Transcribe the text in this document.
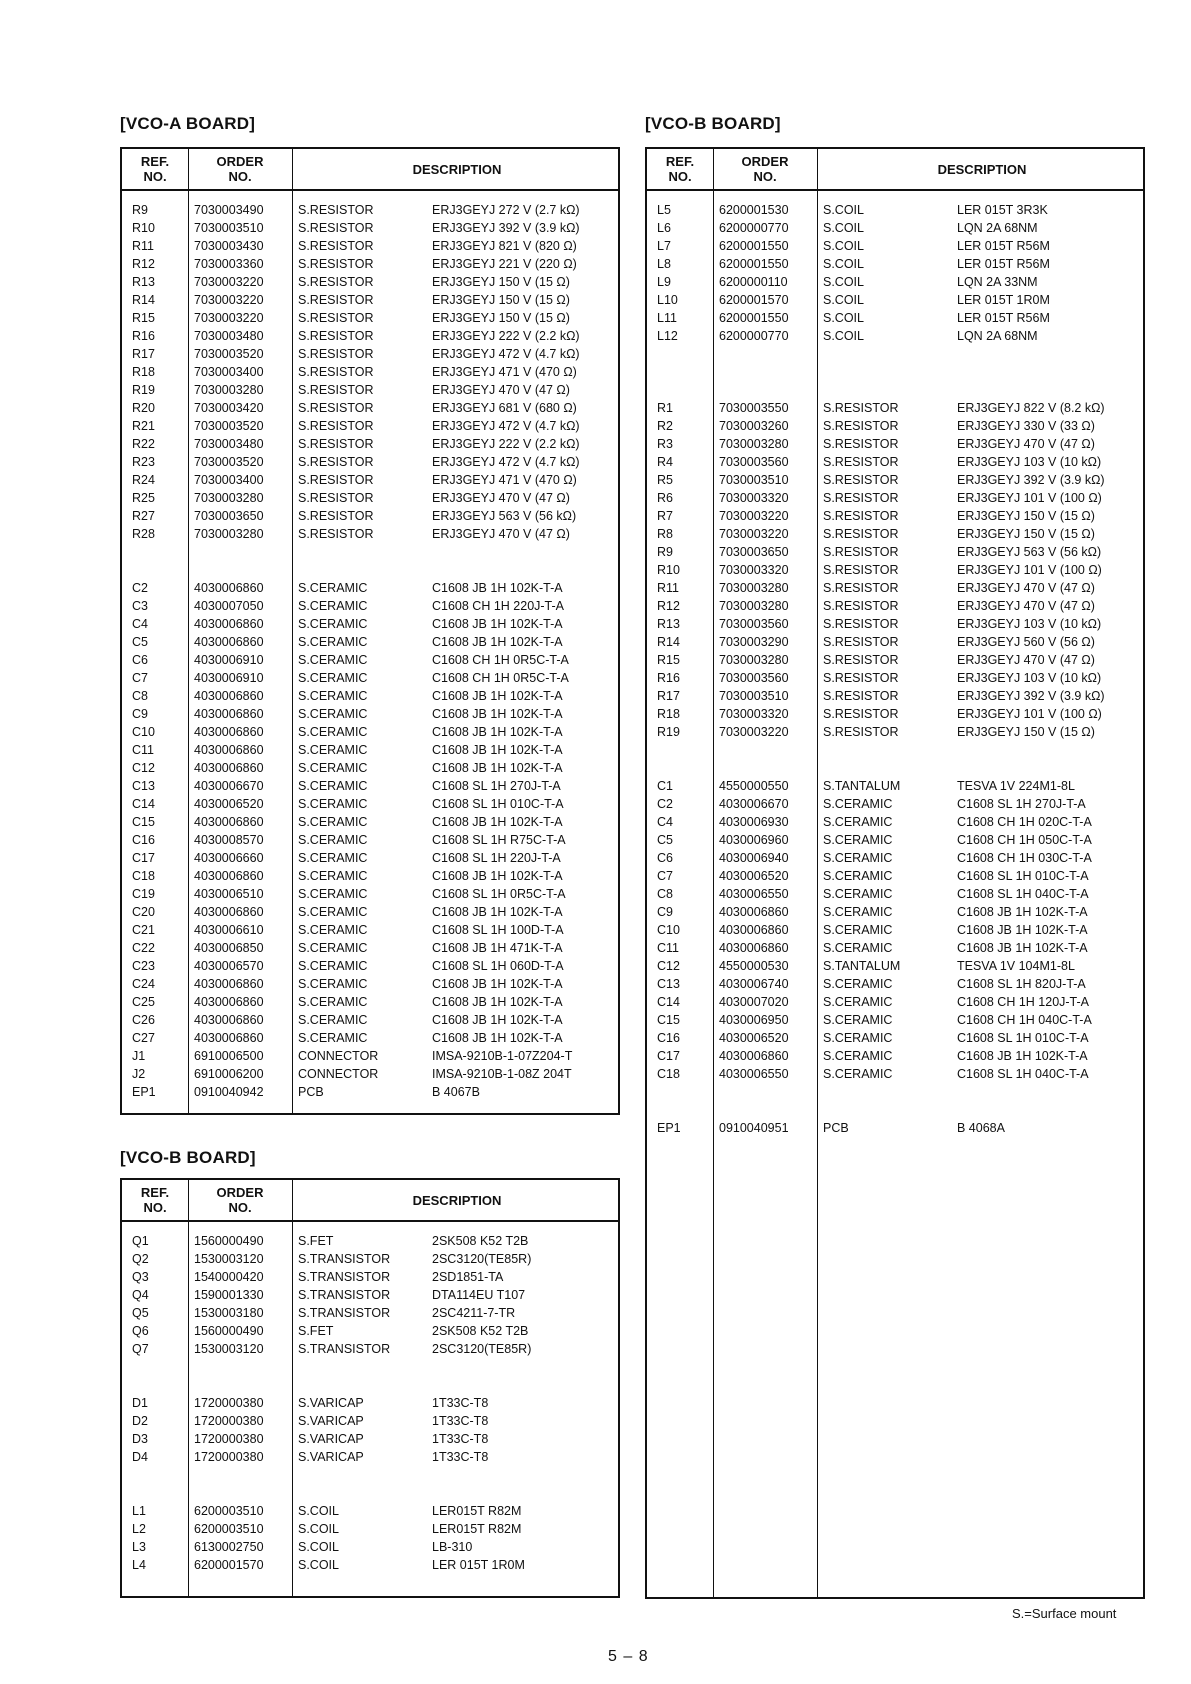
[VCO-A BOARD]
REF.
NO.
ORDER
NO.	DESCRIPTION
R9	7030003490	S.RESISTOR	ERJ3GEYJ 272 V (2.7 kΩ)
R10	7030003510	S.RESISTOR	ERJ3GEYJ 392 V (3.9 kΩ)
R11	7030003430	S.RESISTOR	ERJ3GEYJ 821 V (820 Ω)
R12	7030003360	S.RESISTOR	ERJ3GEYJ 221 V (220 Ω)
R13	7030003220	S.RESISTOR	ERJ3GEYJ 150 V (15 Ω)
R14	7030003220	S.RESISTOR	ERJ3GEYJ 150 V (15 Ω)
R15	7030003220	S.RESISTOR	ERJ3GEYJ 150 V (15 Ω)
R16	7030003480	S.RESISTOR	ERJ3GEYJ 222 V (2.2 kΩ)
R17	7030003520	S.RESISTOR	ERJ3GEYJ 472 V (4.7 kΩ)
R18	7030003400	S.RESISTOR	ERJ3GEYJ 471 V (470 Ω)
R19	7030003280	S.RESISTOR	ERJ3GEYJ 470 V (47 Ω)
R20	7030003420	S.RESISTOR	ERJ3GEYJ 681 V (680 Ω)
R21	7030003520	S.RESISTOR	ERJ3GEYJ 472 V (4.7 kΩ)
R22	7030003480	S.RESISTOR	ERJ3GEYJ 222 V (2.2 kΩ)
R23	7030003520	S.RESISTOR	ERJ3GEYJ 472 V (4.7 kΩ)
R24	7030003400	S.RESISTOR	ERJ3GEYJ 471 V (470 Ω)
R25	7030003280	S.RESISTOR	ERJ3GEYJ 470 V (47 Ω)
R27	7030003650	S.RESISTOR	ERJ3GEYJ 563 V (56 kΩ)
R28	7030003280	S.RESISTOR	ERJ3GEYJ 470 V (47 Ω)
C2	4030006860	S.CERAMIC	C1608 JB 1H 102K-T-A
C3	4030007050	S.CERAMIC	C1608 CH 1H 220J-T-A
C4	4030006860	S.CERAMIC	C1608 JB 1H 102K-T-A
C5	4030006860	S.CERAMIC	C1608 JB 1H 102K-T-A
C6	4030006910	S.CERAMIC	C1608 CH 1H 0R5C-T-A
C7	4030006910	S.CERAMIC	C1608 CH 1H 0R5C-T-A
C8	4030006860	S.CERAMIC	C1608 JB 1H 102K-T-A
C9	4030006860	S.CERAMIC	C1608 JB 1H 102K-T-A
C10	4030006860	S.CERAMIC	C1608 JB 1H 102K-T-A
C11	4030006860	S.CERAMIC	C1608 JB 1H 102K-T-A
C12	4030006860	S.CERAMIC	C1608 JB 1H 102K-T-A
C13	4030006670	S.CERAMIC	C1608 SL 1H 270J-T-A
C14	4030006520	S.CERAMIC	C1608 SL 1H 010C-T-A
C15	4030006860	S.CERAMIC	C1608 JB 1H 102K-T-A
C16	4030008570	S.CERAMIC	C1608 SL 1H R75C-T-A
C17	4030006660	S.CERAMIC	C1608 SL 1H 220J-T-A
C18	4030006860	S.CERAMIC	C1608 JB 1H 102K-T-A
C19	4030006510	S.CERAMIC	C1608 SL 1H 0R5C-T-A
C20	4030006860	S.CERAMIC	C1608 JB 1H 102K-T-A
C21	4030006610	S.CERAMIC	C1608 SL 1H 100D-T-A
C22	4030006850	S.CERAMIC	C1608 JB 1H 471K-T-A
C23	4030006570	S.CERAMIC	C1608 SL 1H 060D-T-A
C24	4030006860	S.CERAMIC	C1608 JB 1H 102K-T-A
C25	4030006860	S.CERAMIC	C1608 JB 1H 102K-T-A
C26	4030006860	S.CERAMIC	C1608 JB 1H 102K-T-A
C27	4030006860	S.CERAMIC	C1608 JB 1H 102K-T-A
J1	6910006500	CONNECTOR	IMSA-9210B-1-07Z204-T
J2	6910006200	CONNECTOR	IMSA-9210B-1-08Z 204T
EP1	0910040942	PCB	B 4067B
[VCO-B BOARD]
REF.
NO.
ORDER
NO.	DESCRIPTION
Q1	1560000490	S.FET	2SK508 K52 T2B
Q2	1530003120	S.TRANSISTOR	2SC3120(TE85R)
Q3	1540000420	S.TRANSISTOR	2SD1851-TA
Q4	1590001330	S.TRANSISTOR	DTA114EU T107
Q5	1530003180	S.TRANSISTOR	2SC4211-7-TR
Q6	1560000490	S.FET	2SK508 K52 T2B
Q7	1530003120	S.TRANSISTOR	2SC3120(TE85R)
D1	1720000380	S.VARICAP	1T33C-T8
D2	1720000380	S.VARICAP	1T33C-T8
D3	1720000380	S.VARICAP	1T33C-T8
D4	1720000380	S.VARICAP	1T33C-T8
L1	6200003510	S.COIL	LER015T R82M
L2	6200003510	S.COIL	LER015T R82M
L3	6130002750	S.COIL	LB-310
L4	6200001570	S.COIL	LER 015T 1R0M
[VCO-B BOARD]
REF.
NO.
ORDER
NO.	DESCRIPTION
L5	6200001530	S.COIL	LER 015T 3R3K
L6	6200000770	S.COIL	LQN 2A 68NM
L7	6200001550	S.COIL	LER 015T R56M
L8	6200001550	S.COIL	LER 015T R56M
L9	6200000110	S.COIL	LQN 2A 33NM
L10	6200001570	S.COIL	LER 015T 1R0M
L11	6200001550	S.COIL	LER 015T R56M
L12	6200000770	S.COIL	LQN 2A 68NM
R1	7030003550	S.RESISTOR	ERJ3GEYJ 822 V (8.2 kΩ)
R2	7030003260	S.RESISTOR	ERJ3GEYJ 330 V (33 Ω)
R3	7030003280	S.RESISTOR	ERJ3GEYJ 470 V (47 Ω)
R4	7030003560	S.RESISTOR	ERJ3GEYJ 103 V (10 kΩ)
R5	7030003510	S.RESISTOR	ERJ3GEYJ 392 V (3.9 kΩ)
R6	7030003320	S.RESISTOR	ERJ3GEYJ 101 V (100 Ω)
R7	7030003220	S.RESISTOR	ERJ3GEYJ 150 V (15 Ω)
R8	7030003220	S.RESISTOR	ERJ3GEYJ 150 V (15 Ω)
R9	7030003650	S.RESISTOR	ERJ3GEYJ 563 V (56 kΩ)
R10	7030003320	S.RESISTOR	ERJ3GEYJ 101 V (100 Ω)
R11	7030003280	S.RESISTOR	ERJ3GEYJ 470 V (47 Ω)
R12	7030003280	S.RESISTOR	ERJ3GEYJ 470 V (47 Ω)
R13	7030003560	S.RESISTOR	ERJ3GEYJ 103 V (10 kΩ)
R14	7030003290	S.RESISTOR	ERJ3GEYJ 560 V (56 Ω)
R15	7030003280	S.RESISTOR	ERJ3GEYJ 470 V (47 Ω)
R16	7030003560	S.RESISTOR	ERJ3GEYJ 103 V (10 kΩ)
R17	7030003510	S.RESISTOR	ERJ3GEYJ 392 V (3.9 kΩ)
R18	7030003320	S.RESISTOR	ERJ3GEYJ 101 V (100 Ω)
R19	7030003220	S.RESISTOR	ERJ3GEYJ 150 V (15 Ω)
C1	4550000550	S.TANTALUM	TESVA 1V 224M1-8L
C2	4030006670	S.CERAMIC	C1608 SL 1H 270J-T-A
C4	4030006930	S.CERAMIC	C1608 CH 1H 020C-T-A
C5	4030006960	S.CERAMIC	C1608 CH 1H 050C-T-A
C6	4030006940	S.CERAMIC	C1608 CH 1H 030C-T-A
C7	4030006520	S.CERAMIC	C1608 SL 1H 010C-T-A
C8	4030006550	S.CERAMIC	C1608 SL 1H 040C-T-A
C9	4030006860	S.CERAMIC	C1608 JB 1H 102K-T-A
C10	4030006860	S.CERAMIC	C1608 JB 1H 102K-T-A
C11	4030006860	S.CERAMIC	C1608 JB 1H 102K-T-A
C12	4550000530	S.TANTALUM	TESVA 1V 104M1-8L
C13	4030006740	S.CERAMIC	C1608 SL 1H 820J-T-A
C14	4030007020	S.CERAMIC	C1608 CH 1H 120J-T-A
C15	4030006950	S.CERAMIC	C1608 CH 1H 040C-T-A
C16	4030006520	S.CERAMIC	C1608 SL 1H 010C-T-A
C17	4030006860	S.CERAMIC	C1608 JB 1H 102K-T-A
C18	4030006550	S.CERAMIC	C1608 SL 1H 040C-T-A
EP1	0910040951	PCB	B 4068A
S.=Surface mount
5 – 8
